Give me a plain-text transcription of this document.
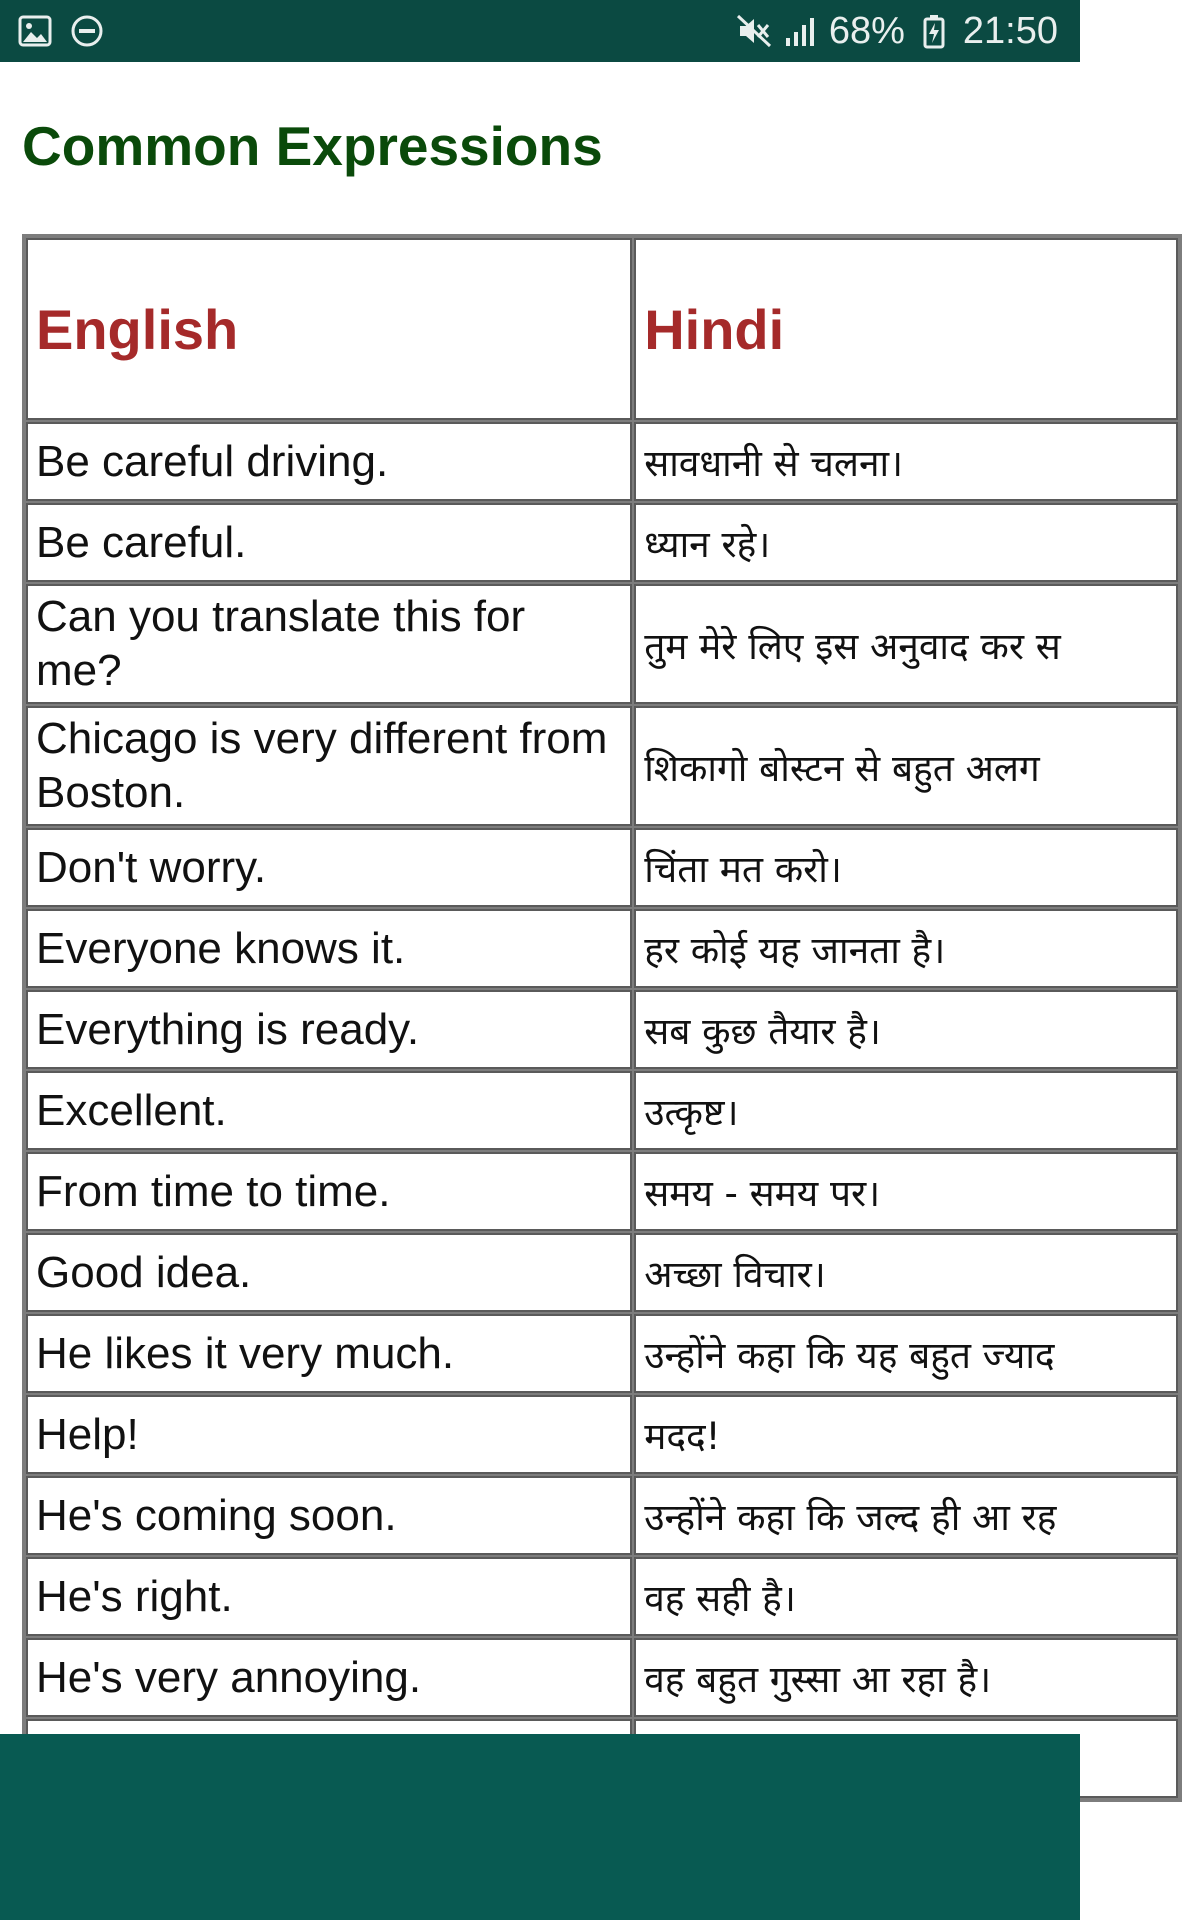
68% 21:50
Common Expressions
English	Hindi
Be careful driving.	सावधानी से चलना।
Be careful.	ध्यान रहे।
Can you translate this for me?	तुम मेरे लिए इस अनुवाद कर स
Chicago is very different from Boston.	शिकागो बोस्टन से बहुत अलग
Don't worry.	चिंता मत करो।
Everyone knows it.	हर कोई यह जानता है।
Everything is ready.	सब कुछ तैयार है।
Excellent.	उत्कृष्ट।
From time to time.	समय - समय पर।
Good idea.	अच्छा विचार।
He likes it very much.	उन्होंने कहा कि यह बहुत ज्याद
Help!	मदद!
He's coming soon.	उन्होंने कहा कि जल्द ही आ रह
He's right.	वह सही है।
He's very annoying.	वह बहुत गुस्सा आ रहा है।
